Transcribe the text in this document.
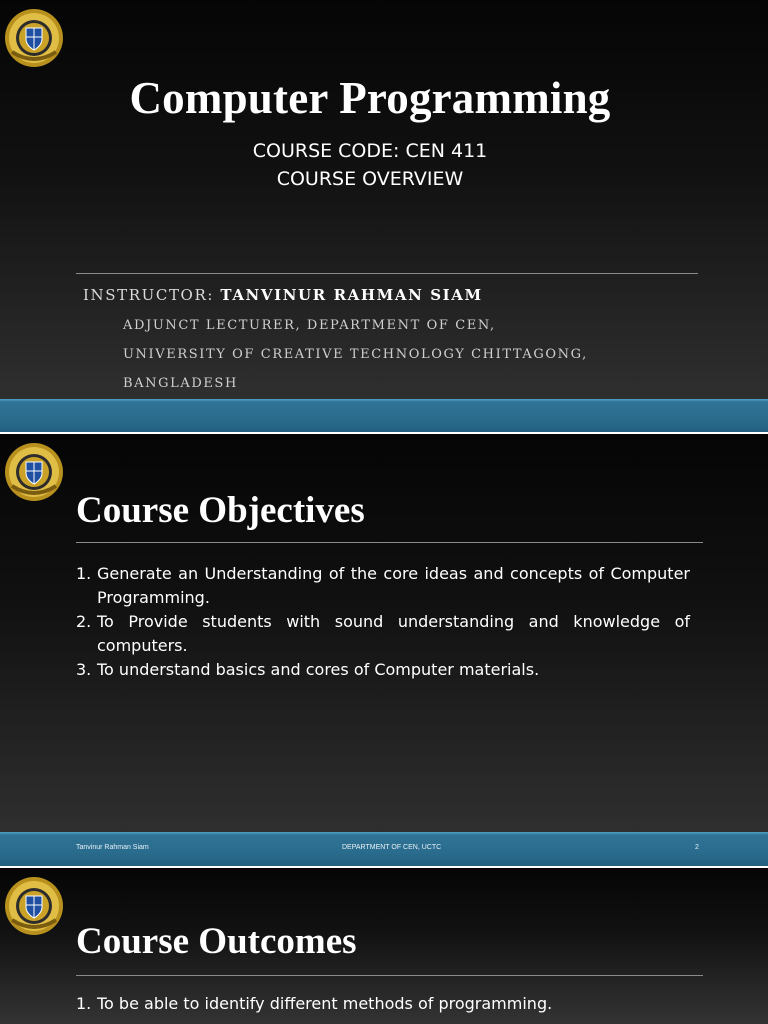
Computer Programming
COURSE CODE: CEN 411
COURSE OVERVIEW
INSTRUCTOR: TANVINUR RAHMAN SIAM
ADJUNCT LECTURER, DEPARTMENT OF CEN,
UNIVERSITY OF CREATIVE TECHNOLOGY CHITTAGONG,
BANGLADESH
Course Objectives
1. Generate an Understanding of the core ideas and concepts of Computer Programming.
2. To Provide students with sound understanding and knowledge of computers.
3. To understand basics and cores of Computer materials.
Tanvinur Rahman Siam	DEPARTMENT OF CEN, UCTC	2
Course Outcomes
1. To be able to identify different methods of programming.
